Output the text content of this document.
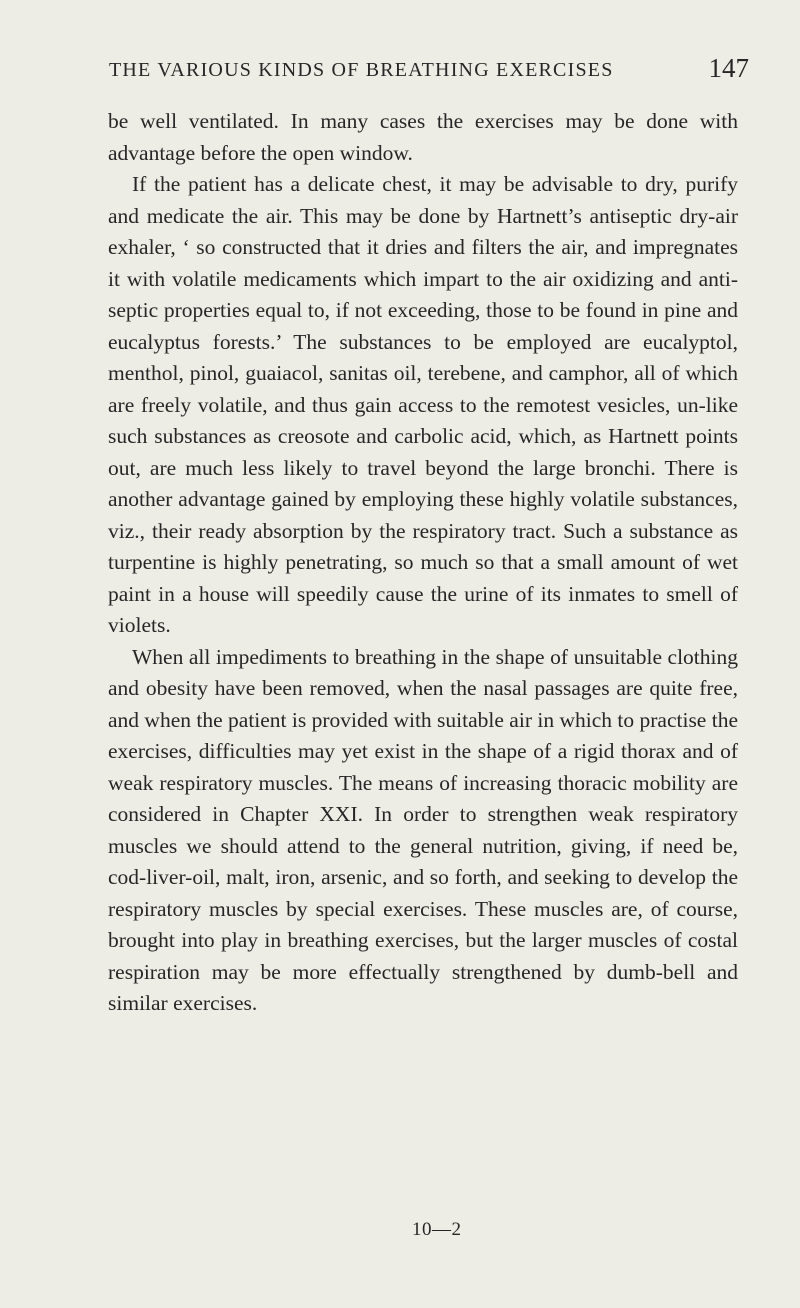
THE VARIOUS KINDS OF BREATHING EXERCISES	147

be well ventilated. In many cases the exercises may be done with advantage before the open window.

If the patient has a delicate chest, it may be advisable to dry, purify and medicate the air. This may be done by Hartnett’s antiseptic dry-air exhaler, ‘ so constructed that it dries and filters the air, and impregnates it with volatile medicaments which impart to the air oxidizing and anti-septic properties equal to, if not exceeding, those to be found in pine and eucalyptus forests.’ The substances to be employed are eucalyptol, menthol, pinol, guaiacol, sanitas oil, terebene, and camphor, all of which are freely volatile, and thus gain access to the remotest vesicles, un-like such substances as creosote and carbolic acid, which, as Hartnett points out, are much less likely to travel beyond the large bronchi. There is another advantage gained by employing these highly volatile substances, viz., their ready absorption by the respiratory tract. Such a substance as turpentine is highly penetrating, so much so that a small amount of wet paint in a house will speedily cause the urine of its inmates to smell of violets.

When all impediments to breathing in the shape of unsuitable clothing and obesity have been removed, when the nasal passages are quite free, and when the patient is provided with suitable air in which to practise the exercises, difficulties may yet exist in the shape of a rigid thorax and of weak respiratory muscles. The means of increasing thoracic mobility are considered in Chapter XXI. In order to strengthen weak respiratory muscles we should attend to the general nutrition, giving, if need be, cod-liver-oil, malt, iron, arsenic, and so forth, and seeking to develop the respiratory muscles by special exercises. These muscles are, of course, brought into play in breathing exercises, but the larger muscles of costal respiration may be more effectually strengthened by dumb-bell and similar exercises.

10—2
